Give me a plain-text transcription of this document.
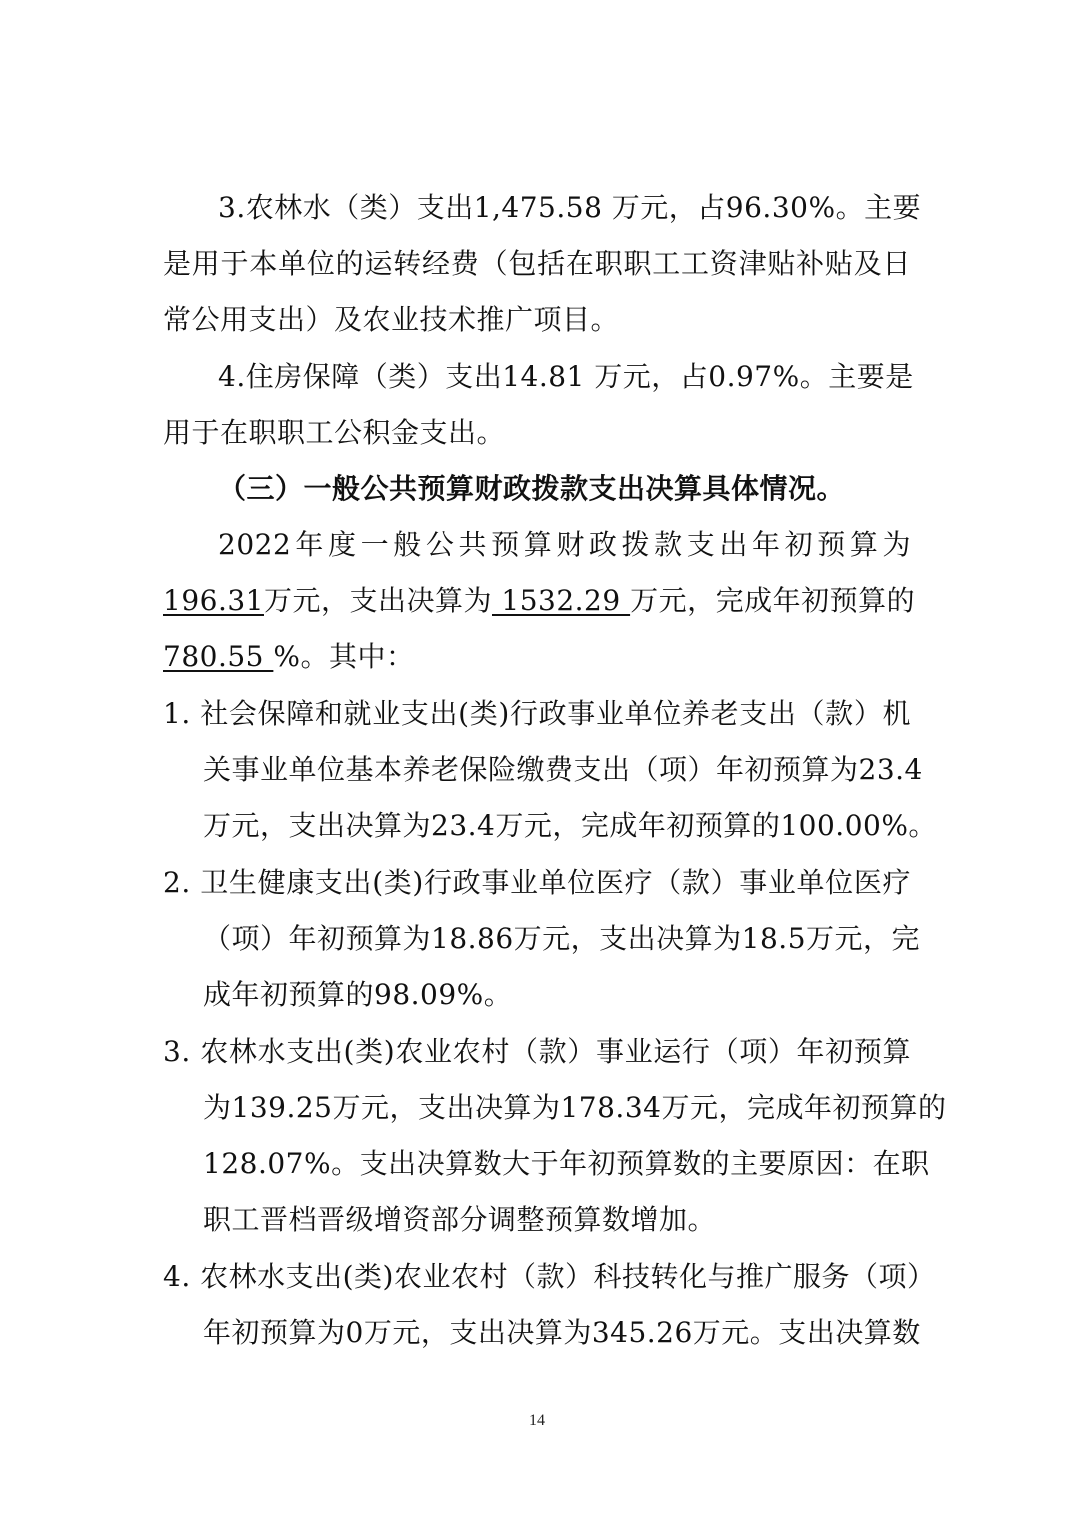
3.农林水（类）支出1,475.58 万元，占96.30%。主要
是用于本单位的运转经费（包括在职职工工资津贴补贴及日
常公用支出）及农业技术推广项目。
4.住房保障（类）支出14.81 万元，占0.97%。主要是
用于在职职工公积金支出。
（三）一般公共预算财政拨款支出决算具体情况。
2022年度一般公共预算财政拨款支出年初预算为
196.31万元，支出决算为 1532.29 万元，完成年初预算的
780.55 %。其中：
1. 社会保障和就业支出(类)行政事业单位养老支出（款）机
关事业单位基本养老保险缴费支出（项）年初预算为23.4
万元，支出决算为23.4万元，完成年初预算的100.00%。
2. 卫生健康支出(类)行政事业单位医疗（款）事业单位医疗
（项）年初预算为18.86万元，支出决算为18.5万元，完
成年初预算的98.09%。
3. 农林水支出(类)农业农村（款）事业运行（项）年初预算
为139.25万元，支出决算为178.34万元，完成年初预算的
128.07%。支出决算数大于年初预算数的主要原因：在职
职工晋档晋级增资部分调整预算数增加。
4. 农林水支出(类)农业农村（款）科技转化与推广服务（项）
年初预算为0万元，支出决算为345.26万元。支出决算数
14
